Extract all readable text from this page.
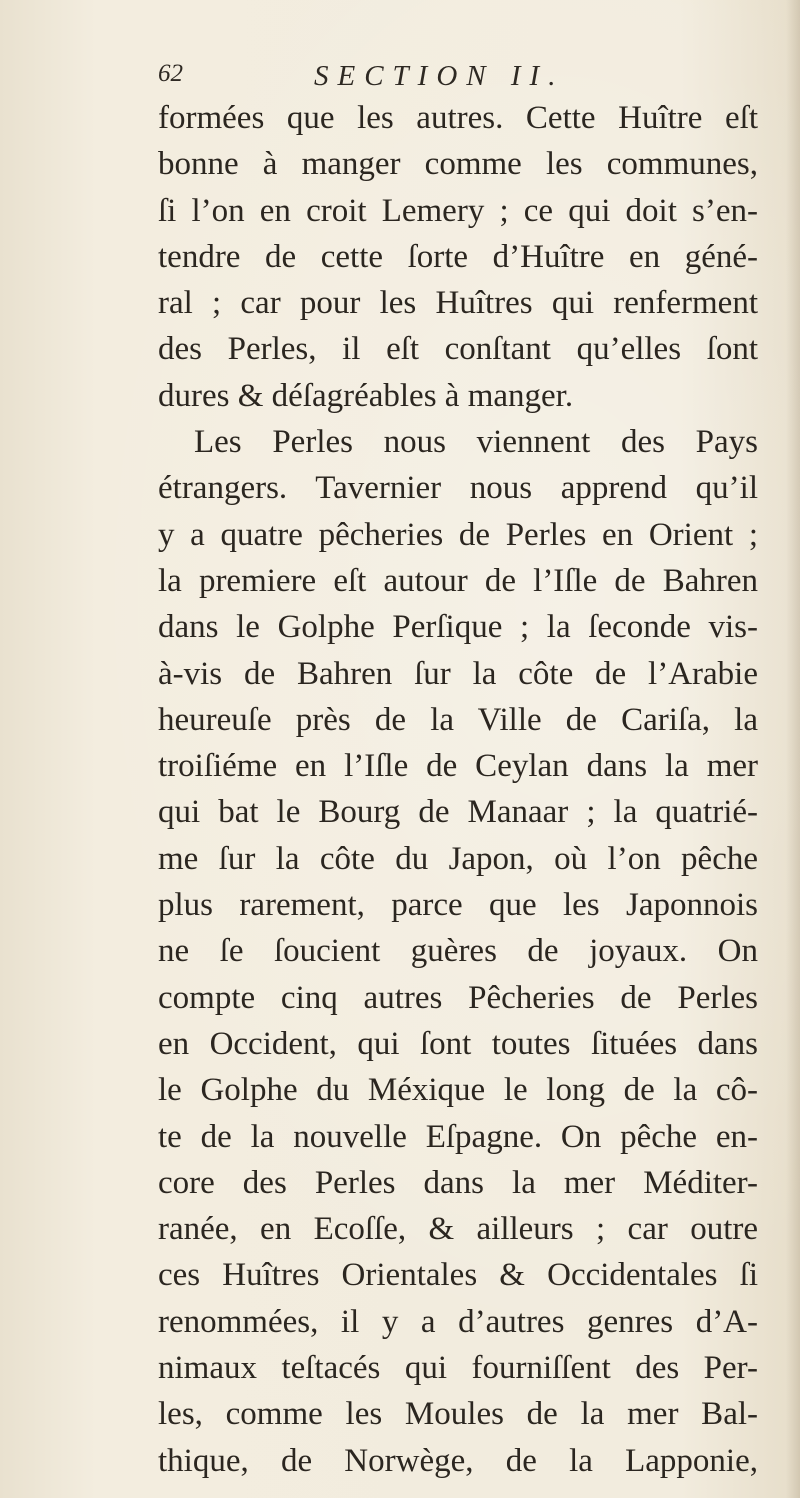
62	SECTION II.
formées que les autres. Cette Huître eſt
bonne à manger comme les communes,
ſi l’on en croit Lemery ; ce qui doit s’en-
tendre de cette ſorte d’Huître en géné-
ral ; car pour les Huîtres qui renferment
des Perles, il eſt conſtant qu’elles ſont
dures & déſagréables à manger.
Les Perles nous viennent des Pays
étrangers. Tavernier nous apprend qu’il
y a quatre pêcheries de Perles en Orient ;
la premiere eſt autour de l’Iſle de Bahren
dans le Golphe Perſique ; la ſeconde vis-
à-vis de Bahren ſur la côte de l’Arabie
heureuſe près de la Ville de Cariſa, la
troiſiéme en l’Iſle de Ceylan dans la mer
qui bat le Bourg de Manaar ; la quatrié-
me ſur la côte du Japon, où l’on pêche
plus rarement, parce que les Japonnois
ne ſe ſoucient guères de joyaux. On
compte cinq autres Pêcheries de Perles
en Occident, qui ſont toutes ſituées dans
le Golphe du Méxique le long de la cô-
te de la nouvelle Eſpagne. On pêche en-
core des Perles dans la mer Méditer-
ranée, en Ecoſſe, & ailleurs ; car outre
ces Huîtres Orientales & Occidentales ſi
renommées, il y a d’autres genres d’A-
nimaux teſtacés qui fourniſſent des Per-
les, comme les Moules de la mer Bal-
thique, de Norwège, de la Lapponie,
